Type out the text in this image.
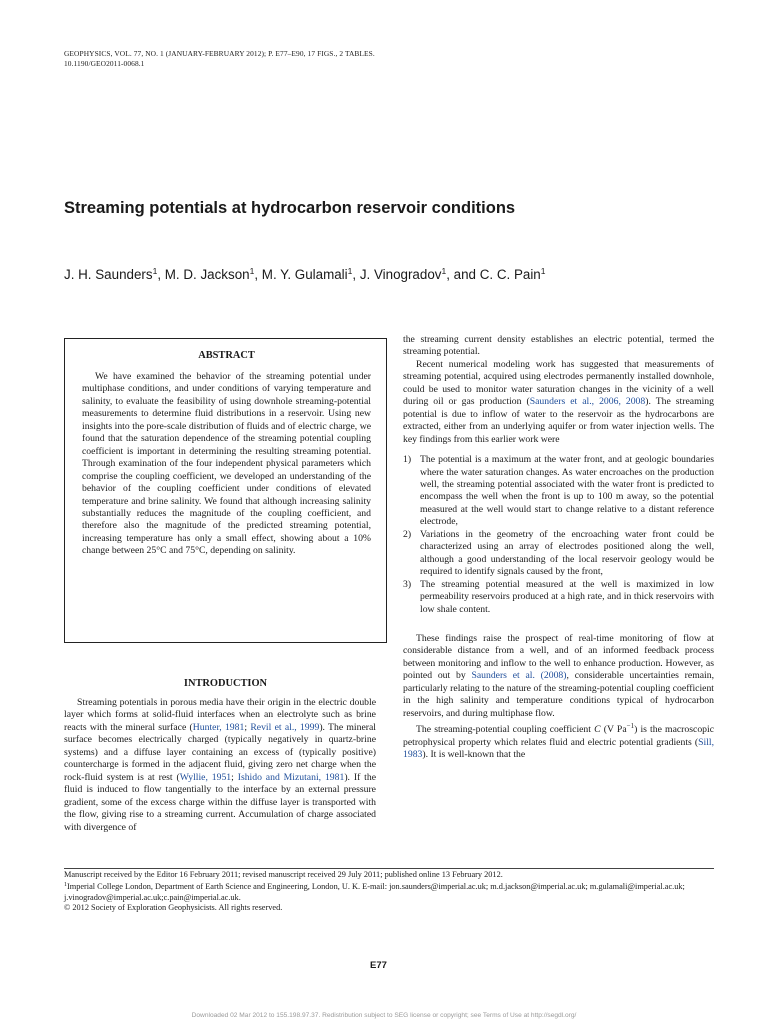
GEOPHYSICS, VOL. 77, NO. 1 (JANUARY-FEBRUARY 2012); P. E77–E90, 17 FIGS., 2 TABLES.
10.1190/GEO2011-0068.1
Streaming potentials at hydrocarbon reservoir conditions
J. H. Saunders$^1$, M. D. Jackson$^1$, M. Y. Gulamali$^1$, J. Vinogradov$^1$, and C. C. Pain$^1$
ABSTRACT

We have examined the behavior of the streaming potential under multiphase conditions, and under conditions of varying temperature and salinity, to evaluate the feasibility of using downhole streaming-potential measurements to determine fluid distributions in a reservoir. Using new insights into the pore-scale distribution of fluids and of electric charge, we found that the saturation dependence of the streaming potential coupling coefficient is important in determining the resulting streaming potential. Through examination of the four independent physical parameters which comprise the coupling coefficient, we developed an understanding of the behavior of the coupling coefficient under conditions of elevated temperature and brine salinity. We found that although increasing salinity substantially reduces the magnitude of the coupling coefficient, and therefore also the magnitude of the predicted streaming potential, increasing temperature has only a small effect, showing about a 10% change between 25°C and 75°C, depending on salinity.

INTRODUCTION

Streaming potentials in porous media have their origin in the electric double layer which forms at solid-fluid interfaces when an electrolyte such as brine reacts with the mineral surface (Hunter, 1981; Revil et al., 1999). The mineral surface becomes electrically charged (typically negatively in quartz-brine systems) and a diffuse layer containing an excess of (typically positive) countercharge is formed in the adjacent fluid, giving zero net charge when the rock-fluid system is at rest (Wyllie, 1951; Ishido and Mizutani, 1981). If the fluid is induced to flow tangentially to the interface by an external pressure gradient, some of the excess charge within the diffuse layer is transported with the flow, giving rise to a streaming current. Accumulation of charge associated with divergence of

the streaming current density establishes an electric potential, termed the streaming potential.

Recent numerical modeling work has suggested that measurements of streaming potential, acquired using electrodes permanently installed downhole, could be used to monitor water saturation changes in the vicinity of a well during oil or gas production (Saunders et al., 2006, 2008). The streaming potential is due to inflow of water to the reservoir as the hydrocarbons are extracted, either from an underlying aquifer or from water injection wells. The key findings from this earlier work were

1) The potential is a maximum at the water front, and at geologic boundaries where the water saturation changes. As water encroaches on the production well, the streaming potential associated with the water front is predicted to encompass the well when the front is up to 100 m away, so the potential measured at the well would start to change relative to a distant reference electrode,
2) Variations in the geometry of the encroaching water front could be characterized using an array of electrodes positioned along the well, although a good understanding of the local reservoir geology would be required to identify signals caused by the front,
3) The streaming potential measured at the well is maximized in low permeability reservoirs produced at a high rate, and in thick reservoirs with low shale content.

These findings raise the prospect of real-time monitoring of flow at considerable distance from a well, and of an informed feedback process between monitoring and inflow to the well to enhance production. However, as pointed out by Saunders et al. (2008), considerable uncertainties remain, particularly relating to the nature of the streaming-potential coupling coefficient in the high salinity and temperature conditions typical of hydrocarbon reservoirs, and during multiphase flow.

The streaming-potential coupling coefficient C (V $Pa^{-1}$) is the macroscopic petrophysical property which relates fluid and electric potential gradients (Sill, 1983). It is well-known that the

Manuscript received by the Editor 16 February 2011; revised manuscript received 29 July 2011; published online 13 February 2012.
$^1$Imperial College London, Department of Earth Science and Engineering, London, U. K. E-mail: jon.saunders@imperial.ac.uk; m.d.jackson@imperial.ac.uk; m.gulamali@imperial.ac.uk; j.vinogradov@imperial.ac.uk;c.pain@imperial.ac.uk.
© 2012 Society of Exploration Geophysicists. All rights reserved.
E77
Downloaded 02 Mar 2012 to 155.198.97.37. Redistribution subject to SEG license or copyright; see Terms of Use at http://segdl.org/
